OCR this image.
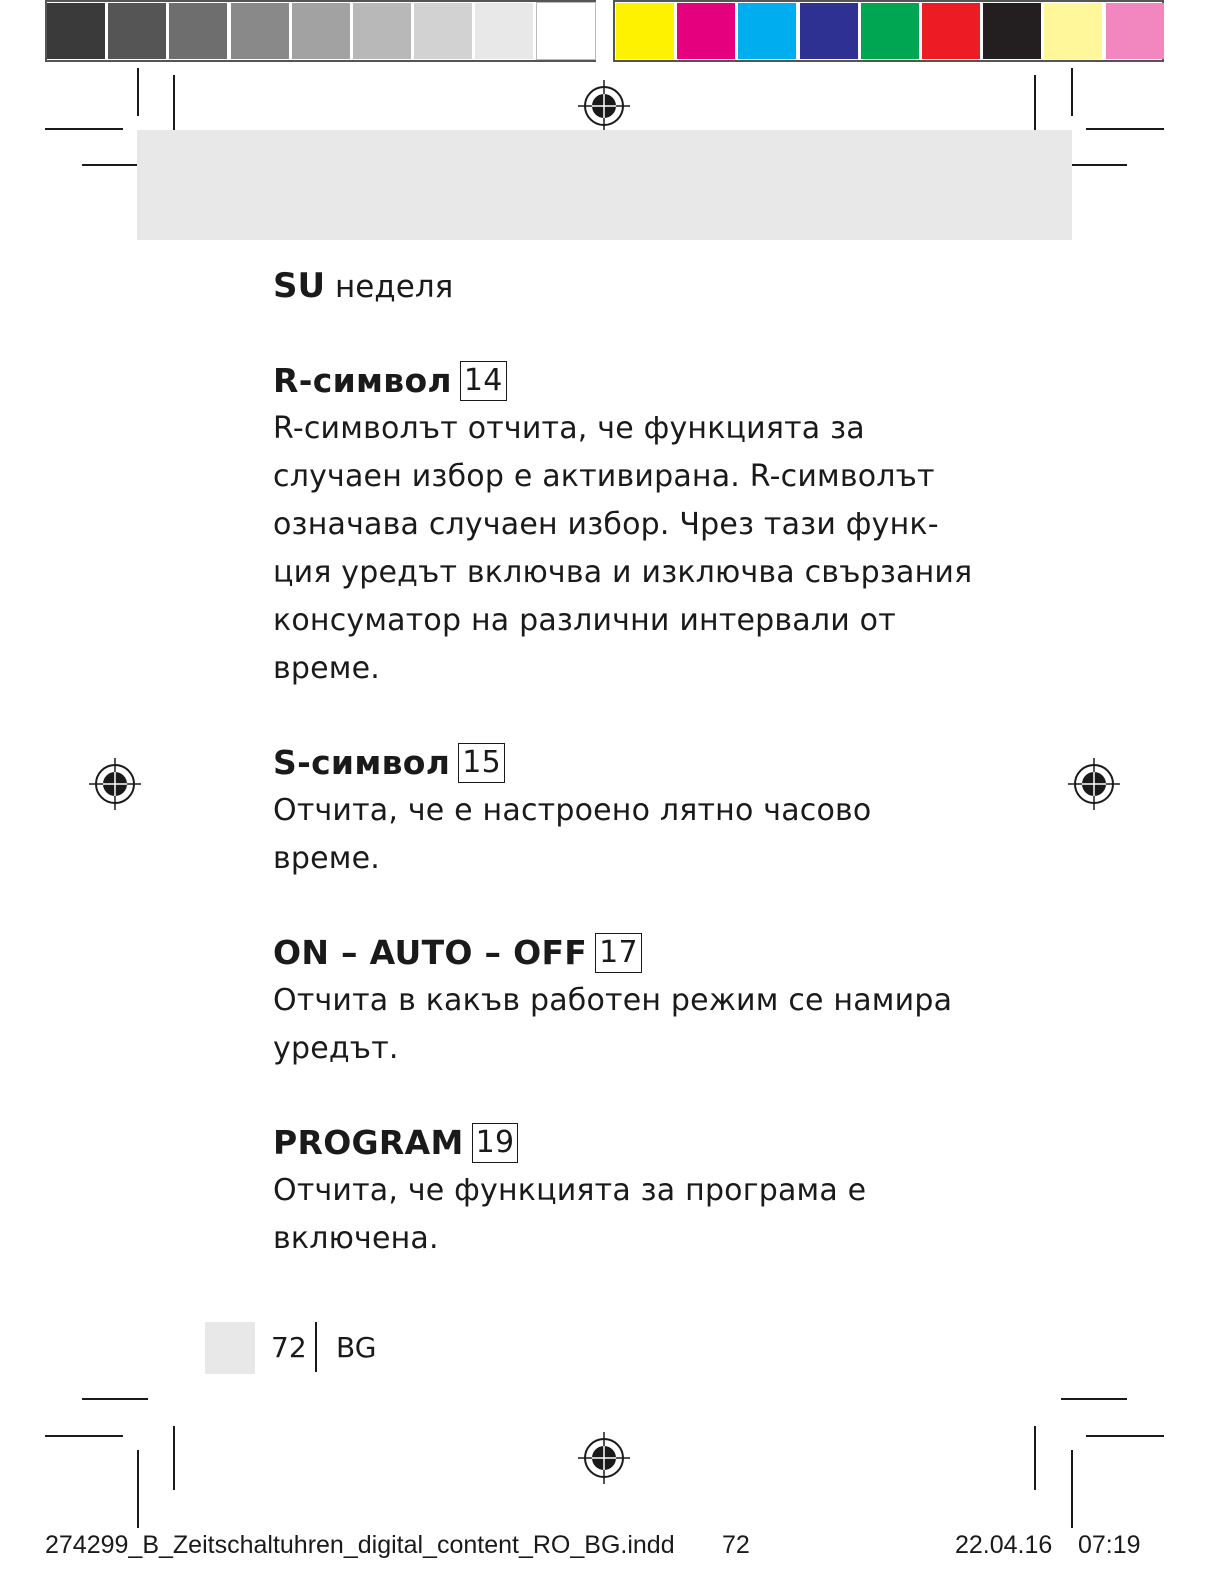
SU неделя

R-символ 14

R-символът отчита, че функцията за

случаен избор е активирана. R-символът

означава случаен избор. Чрез тази функ-

ция уредът включва и изключва свързания

консуматор на различни интервали от

време.

S-символ 15

Отчита, че е настроено лятно часово време.

ON – AUTO – OFF 17

Отчита в какъв работен режим се намира

уредът.

PROGRAM 19

Отчита, че функцията за програма е

включена.

72 BG
274299_B_Zeitschaltuhren_digital_content_RO_BG.indd 72	22.04.16 07:19
